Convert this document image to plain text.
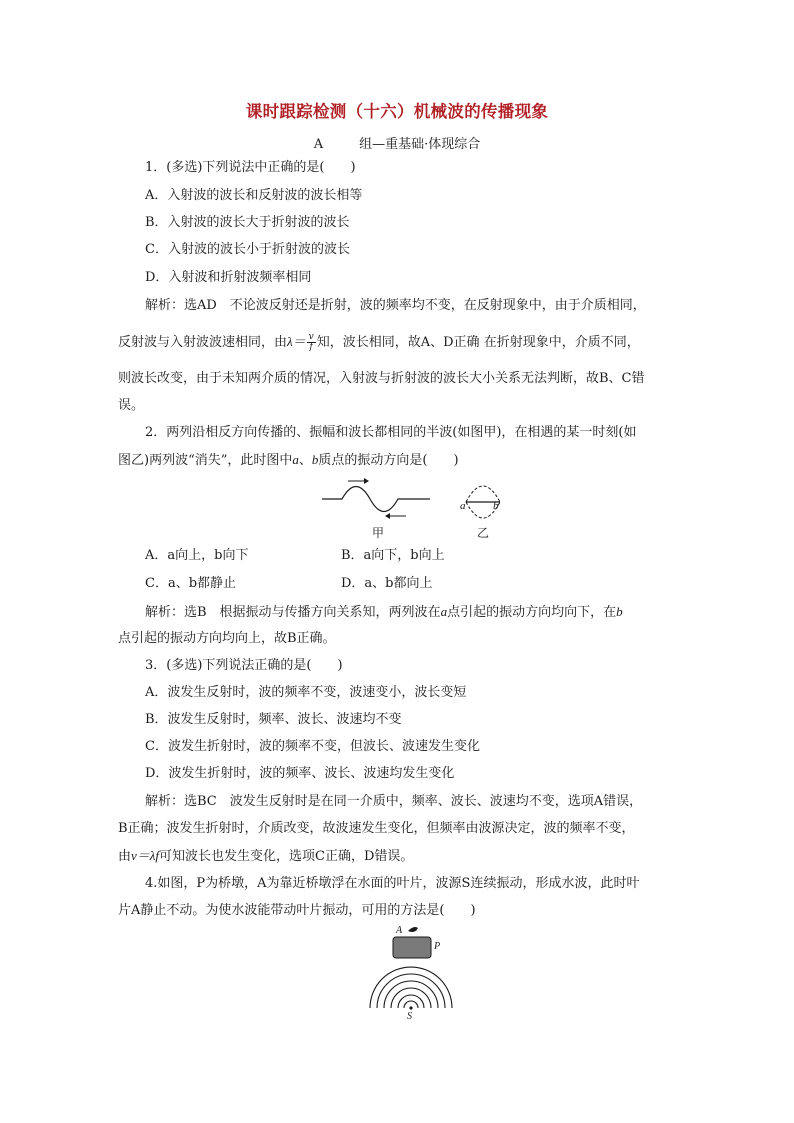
课时跟踪检测（十六）机械波的传播现象
A	组—重基础·体现综合
1．(多选)下列说法中正确的是(　　)
A．入射波的波长和反射波的波长相等
B．入射波的波长大于折射波的波长
C．入射波的波长小于折射波的波长
D．入射波和折射波频率相同
解析：选AD　不论波反射还是折射，波的频率均不变，在反射现象中，由于介质相同，
反射波与入射波波速相同，由$\lambda= \frac{v}{f}$ 知，波长相同，故A、D正确 在折射现象中，介质不同，
则波长改变，由于未知两介质的情况，入射波与折射波的波长大小关系无法判断，故B、C错
误。
2．两列沿相反方向传播的、振幅和波长都相同的半波(如图甲)，在相遇的某一时刻(如
图乙)两列波“消失”，此时图中a、b质点的振动方向是(　　)
甲
a	b
乙
A．a向上，b向下	B．a向下，b向上
C．a、b都静止	D．a、b都向上
解析：选B　根据振动与传播方向关系知，两列波在a点引起的振动方向均向下，在b
点引起的振动方向均向上，故B正确。
3．(多选)下列说法正确的是(　　)
A．波发生反射时，波的频率不变，波速变小，波长变短
B．波发生反射时，频率、波长、波速均不变
C．波发生折射时，波的频率不变，但波长、波速发生变化
D．波发生折射时，波的频率、波长、波速均发生变化
解析：选BC　波发生反射时是在同一介质中，频率、波长、波速均不变，选项A错误，
B正确；波发生折射时，介质改变，故波速发生变化，但频率由波源决定，波的频率不变，
由v＝λf可知波长也发生变化，选项C正确，D错误。
4.如图，P为桥墩，A为靠近桥墩浮在水面的叶片，波源S连续振动，形成水波，此时叶
片A静止不动。为使水波能带动叶片振动，可用的方法是(　　)
A
P
S
